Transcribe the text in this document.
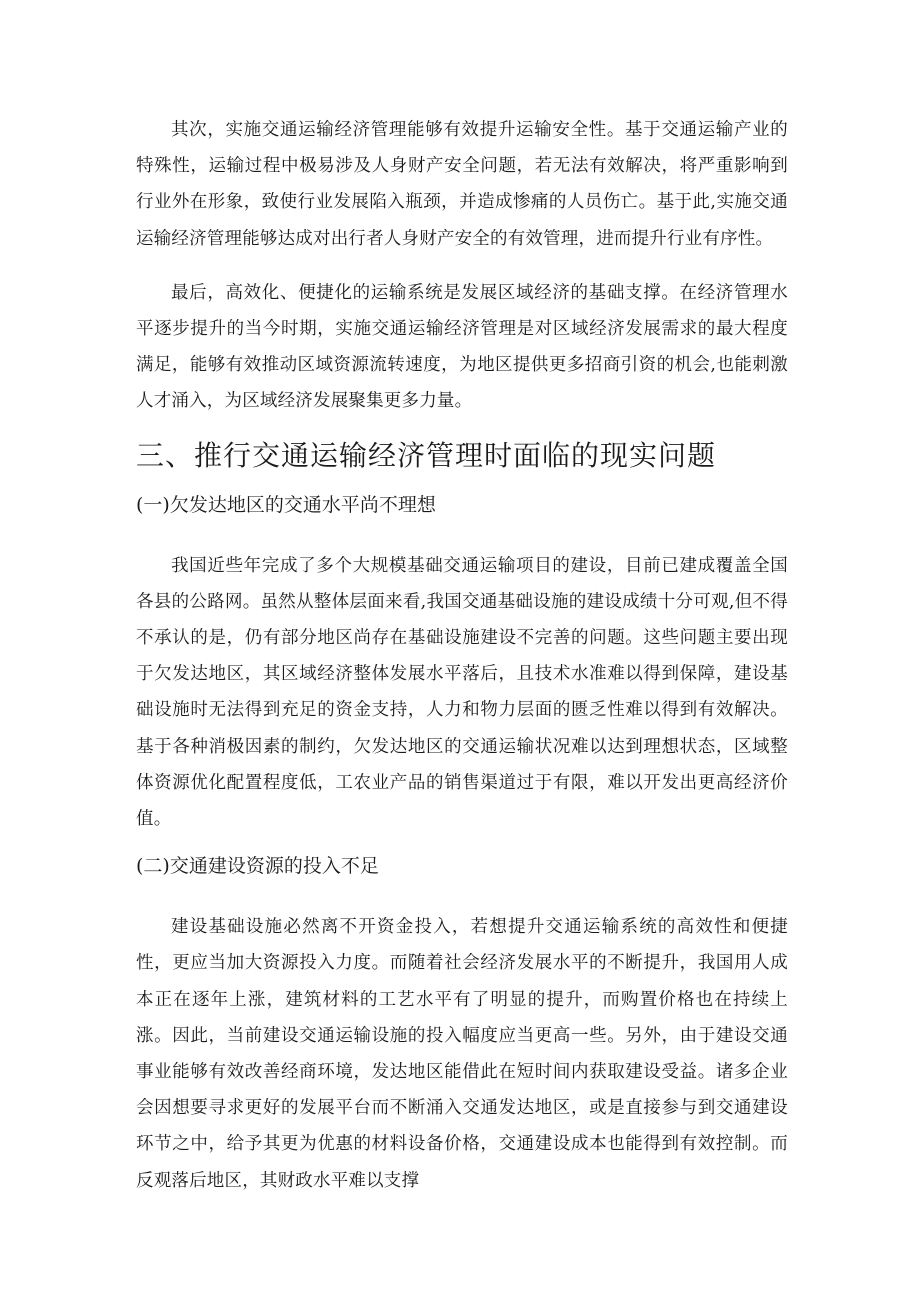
其次，实施交通运输经济管理能够有效提升运输安全性。基于交通运输产业的特殊性，运输过程中极易涉及人身财产安全问题，若无法有效解决，将严重影响到行业外在形象，致使行业发展陷入瓶颈，并造成惨痛的人员伤亡。基于此,实施交通运输经济管理能够达成对出行者人身财产安全的有效管理，进而提升行业有序性。

最后，高效化、便捷化的运输系统是发展区域经济的基础支撑。在经济管理水平逐步提升的当今时期，实施交通运输经济管理是对区域经济发展需求的最大程度满足，能够有效推动区域资源流转速度，为地区提供更多招商引资的机会,也能刺激人才涌入，为区域经济发展聚集更多力量。

三、推行交通运输经济管理时面临的现实问题
(一)欠发达地区的交通水平尚不理想

我国近些年完成了多个大规模基础交通运输项目的建设，目前已建成覆盖全国各县的公路网。虽然从整体层面来看,我国交通基础设施的建设成绩十分可观,但不得不承认的是，仍有部分地区尚存在基础设施建设不完善的问题。这些问题主要出现于欠发达地区，其区域经济整体发展水平落后，且技术水准难以得到保障，建设基础设施时无法得到充足的资金支持，人力和物力层面的匮乏性难以得到有效解决。基于各种消极因素的制约，欠发达地区的交通运输状况难以达到理想状态，区域整体资源优化配置程度低，工农业产品的销售渠道过于有限，难以开发出更高经济价值。

(二)交通建设资源的投入不足

建设基础设施必然离不开资金投入，若想提升交通运输系统的高效性和便捷性，更应当加大资源投入力度。而随着社会经济发展水平的不断提升，我国用人成本正在逐年上涨，建筑材料的工艺水平有了明显的提升，而购置价格也在持续上涨。因此，当前建设交通运输设施的投入幅度应当更高一些。另外，由于建设交通事业能够有效改善经商环境，发达地区能借此在短时间内获取建设受益。诸多企业会因想要寻求更好的发展平台而不断涌入交通发达地区，或是直接参与到交通建设环节之中，给予其更为优惠的材料设备价格，交通建设成本也能得到有效控制。而反观落后地区，其财政水平难以支撑
